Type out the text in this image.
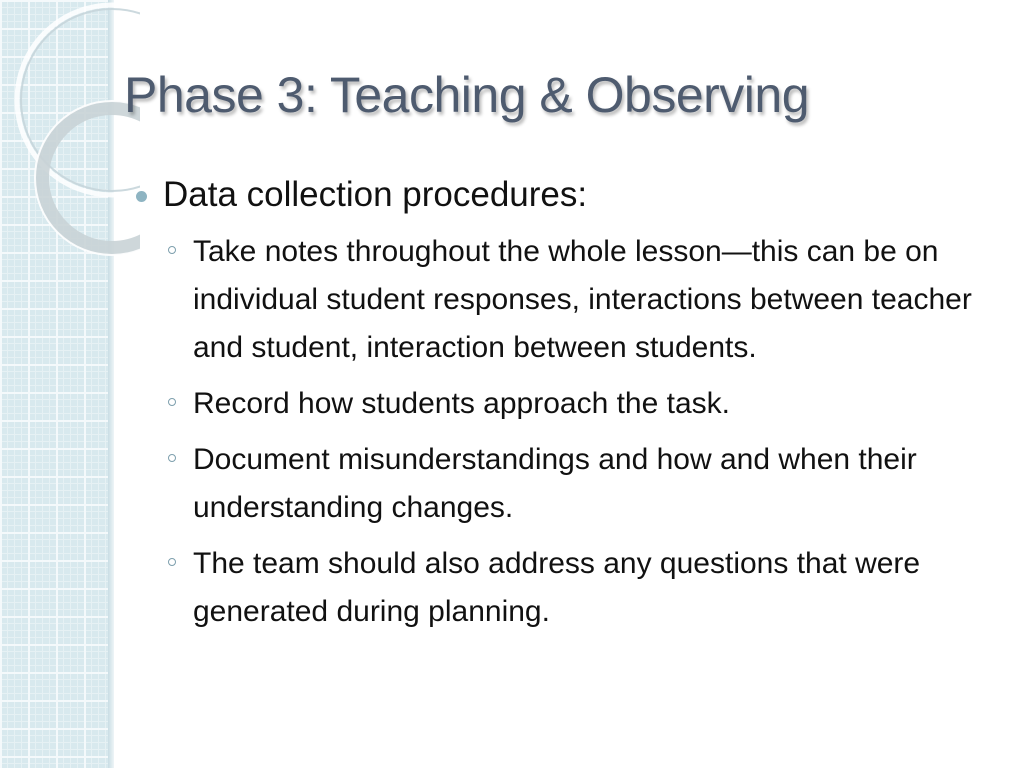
Phase 3: Teaching & Observing
Data collection procedures:
Take notes throughout the whole lesson—this can be on individual student responses, interactions between teacher and student, interaction between students.
Record how students approach the task.
Document misunderstandings and how and when their understanding changes.
The team should also address any questions that were generated during planning.
